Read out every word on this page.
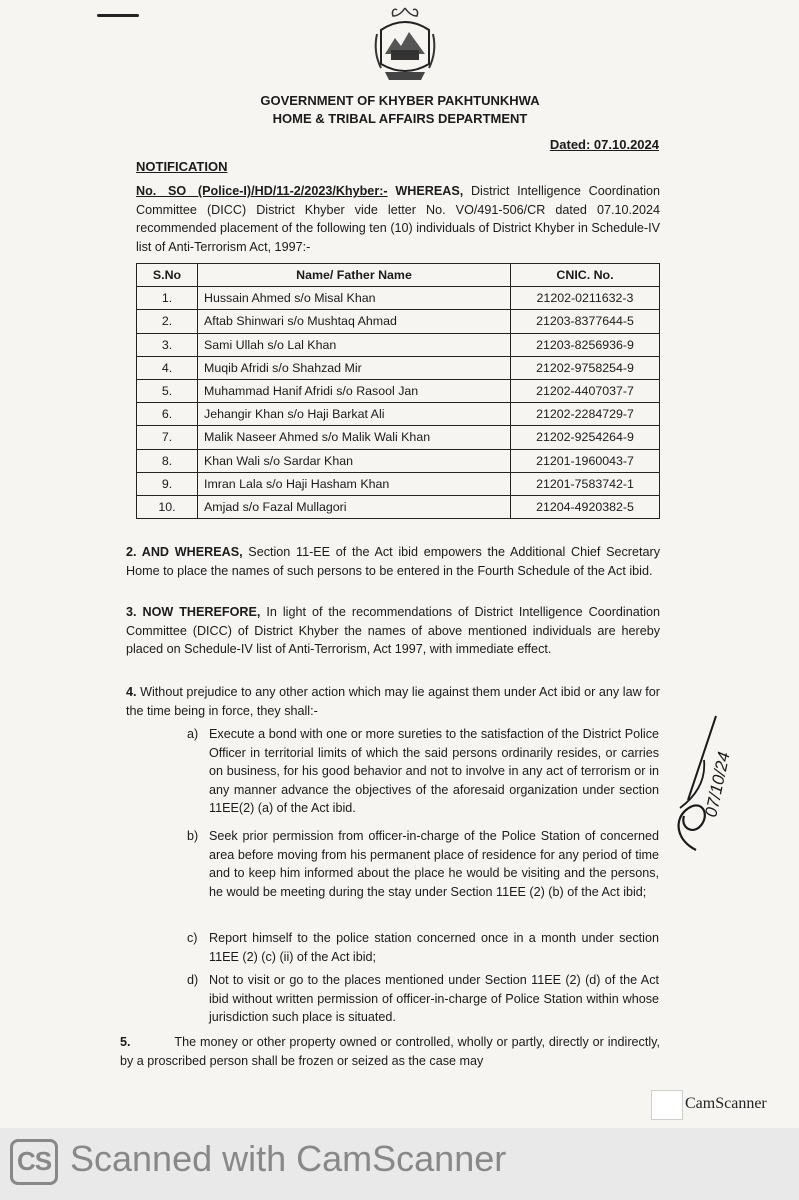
GOVERNMENT OF KHYBER PAKHTUNKHWA
HOME & TRIBAL AFFAIRS DEPARTMENT
Dated: 07.10.2024
NOTIFICATION
No. SO (Police-I)/HD/11-2/2023/Khyber:- WHEREAS, District Intelligence Coordination Committee (DICC) District Khyber vide letter No. VO/491-506/CR dated 07.10.2024 recommended placement of the following ten (10) individuals of District Khyber in Schedule-IV list of Anti-Terrorism Act, 1997:-
S.No	Name/ Father Name	CNIC. No.
1.	Hussain Ahmed s/o Misal Khan	21202-0211632-3
2.	Aftab Shinwari s/o Mushtaq Ahmad	21203-8377644-5
3.	Sami Ullah s/o Lal Khan	21203-8256936-9
4.	Muqib Afridi s/o Shahzad Mir	21202-9758254-9
5.	Muhammad Hanif Afridi s/o Rasool Jan	21202-4407037-7
6.	Jehangir Khan s/o Haji Barkat Ali	21202-2284729-7
7.	Malik Naseer Ahmed s/o Malik Wali Khan	21202-9254264-9
8.	Khan Wali s/o Sardar Khan	21201-1960043-7
9.	Imran Lala s/o Haji Hasham Khan	21201-7583742-1
10.	Amjad s/o Fazal Mullagori	21204-4920382-5
2. AND WHEREAS, Section 11-EE of the Act ibid empowers the Additional Chief Secretary Home to place the names of such persons to be entered in the Fourth Schedule of the Act ibid.
3. NOW THEREFORE, In light of the recommendations of District Intelligence Coordination Committee (DICC) of District Khyber the names of above mentioned individuals are hereby placed on Schedule-IV list of Anti-Terrorism, Act 1997, with immediate effect.
4. Without prejudice to any other action which may lie against them under Act ibid or any law for the time being in force, they shall:-
a) Execute a bond with one or more sureties to the satisfaction of the District Police Officer in territorial limits of which the said persons ordinarily resides, or carries on business, for his good behavior and not to involve in any act of terrorism or in any manner advance the objectives of the aforesaid organization under section 11EE(2) (a) of the Act ibid.
b) Seek prior permission from officer-in-charge of the Police Station of concerned area before moving from his permanent place of residence for any period of time and to keep him informed about the place he would be visiting and the persons, he would be meeting during the stay under Section 11EE (2) (b) of the Act ibid;
c) Report himself to the police station concerned once in a month under section 11EE (2) (c) (ii) of the Act ibid;
d) Not to visit or go to the places mentioned under Section 11EE (2) (d) of the Act ibid without written permission of officer-in-charge of Police Station within whose jurisdiction such place is situated.
5.	The money or other property owned or controlled, wholly or partly, directly or indirectly, by a proscribed person shall be frozen or seized as the case may
07/10/24
CamScanner
CS Scanned with CamScanner
